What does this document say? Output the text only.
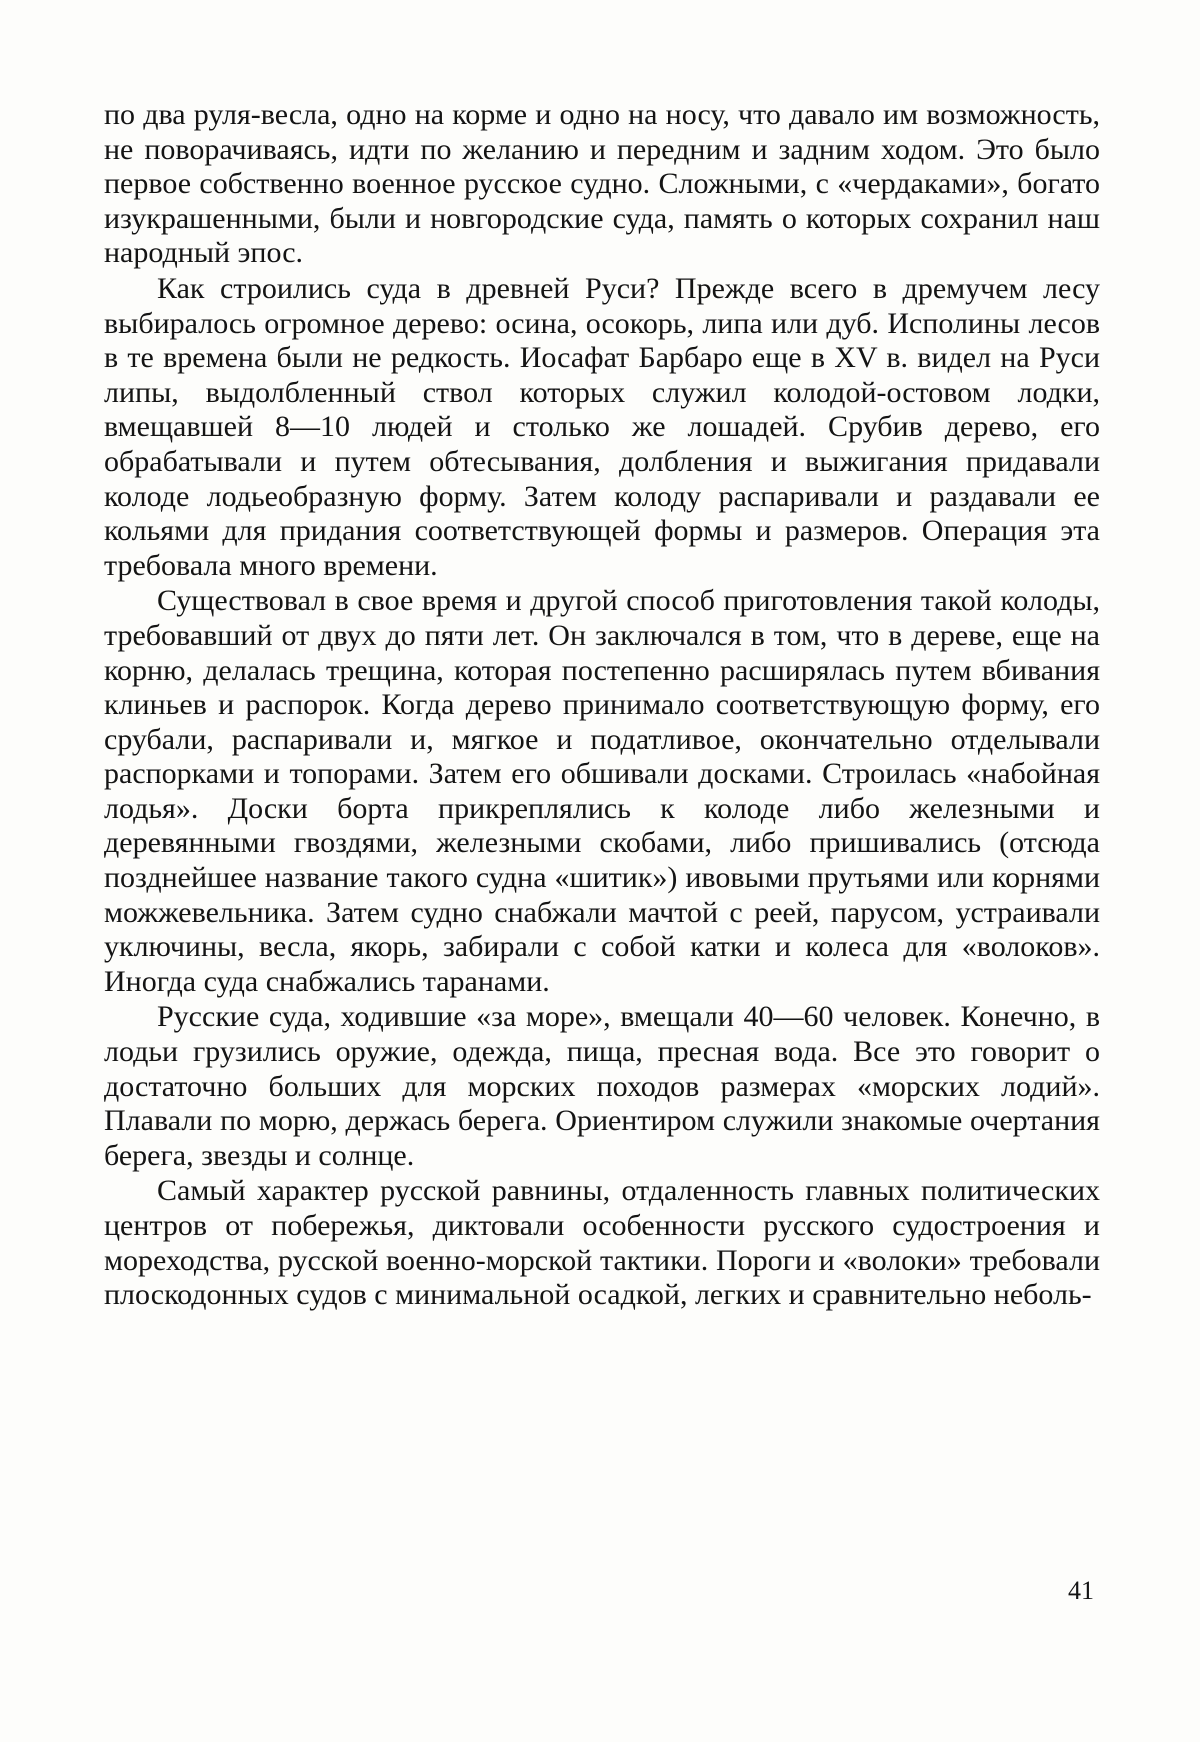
по два руля-весла, одно на корме и одно на носу, что давало им возможность, не поворачиваясь, идти по желанию и передним и задним ходом. Это было первое собственно военное русское судно. Сложными, с «чердаками», богато изукрашенными, были и новгородские суда, память о которых сохранил наш народный эпос.

Как строились суда в древней Руси? Прежде всего в дремучем лесу выбиралось огромное дерево: осина, осокорь, липа или дуб. Исполины лесов в те времена были не редкость. Иосафат Барбаро еще в XV в. видел на Руси липы, выдолбленный ствол которых служил колодой-остовом лодки, вмещавшей 8—10 людей и столько же лошадей. Срубив дерево, его обрабатывали и путем обтесывания, долбления и выжигания придавали колоде лодьеобразную форму. Затем колоду распаривали и раздавали ее кольями для придания соответствующей формы и размеров. Операция эта требовала много времени.

Существовал в свое время и другой способ приготовления такой колоды, требовавший от двух до пяти лет. Он заключался в том, что в дереве, еще на корню, делалась трещина, которая постепенно расширялась путем вбивания клиньев и распорок. Когда дерево принимало соответствующую форму, его срубали, распаривали и, мягкое и податливое, окончательно отделывали распорками и топорами. Затем его обшивали досками. Строилась «набойная лодья». Доски борта прикреплялись к колоде либо железными и деревянными гвоздями, железными скобами, либо пришивались (отсюда позднейшее название такого судна «шитик») ивовыми прутьями или корнями можжевельника. Затем судно снабжали мачтой с реей, парусом, устраивали уключины, весла, якорь, забирали с собой катки и колеса для «волоков». Иногда суда снабжались таранами.

Русские суда, ходившие «за море», вмещали 40—60 человек. Конечно, в лодьи грузились оружие, одежда, пища, пресная вода. Все это говорит о достаточно больших для морских походов размерах «морских лодий». Плавали по морю, держась берега. Ориентиром служили знакомые очертания берега, звезды и солнце.

Самый характер русской равнины, отдаленность главных политических центров от побережья, диктовали особенности русского судостроения и мореходства, русской военно-морской тактики. Пороги и «волоки» требовали плоскодонных судов с минимальной осадкой, легких и сравнительно неболь-

41
